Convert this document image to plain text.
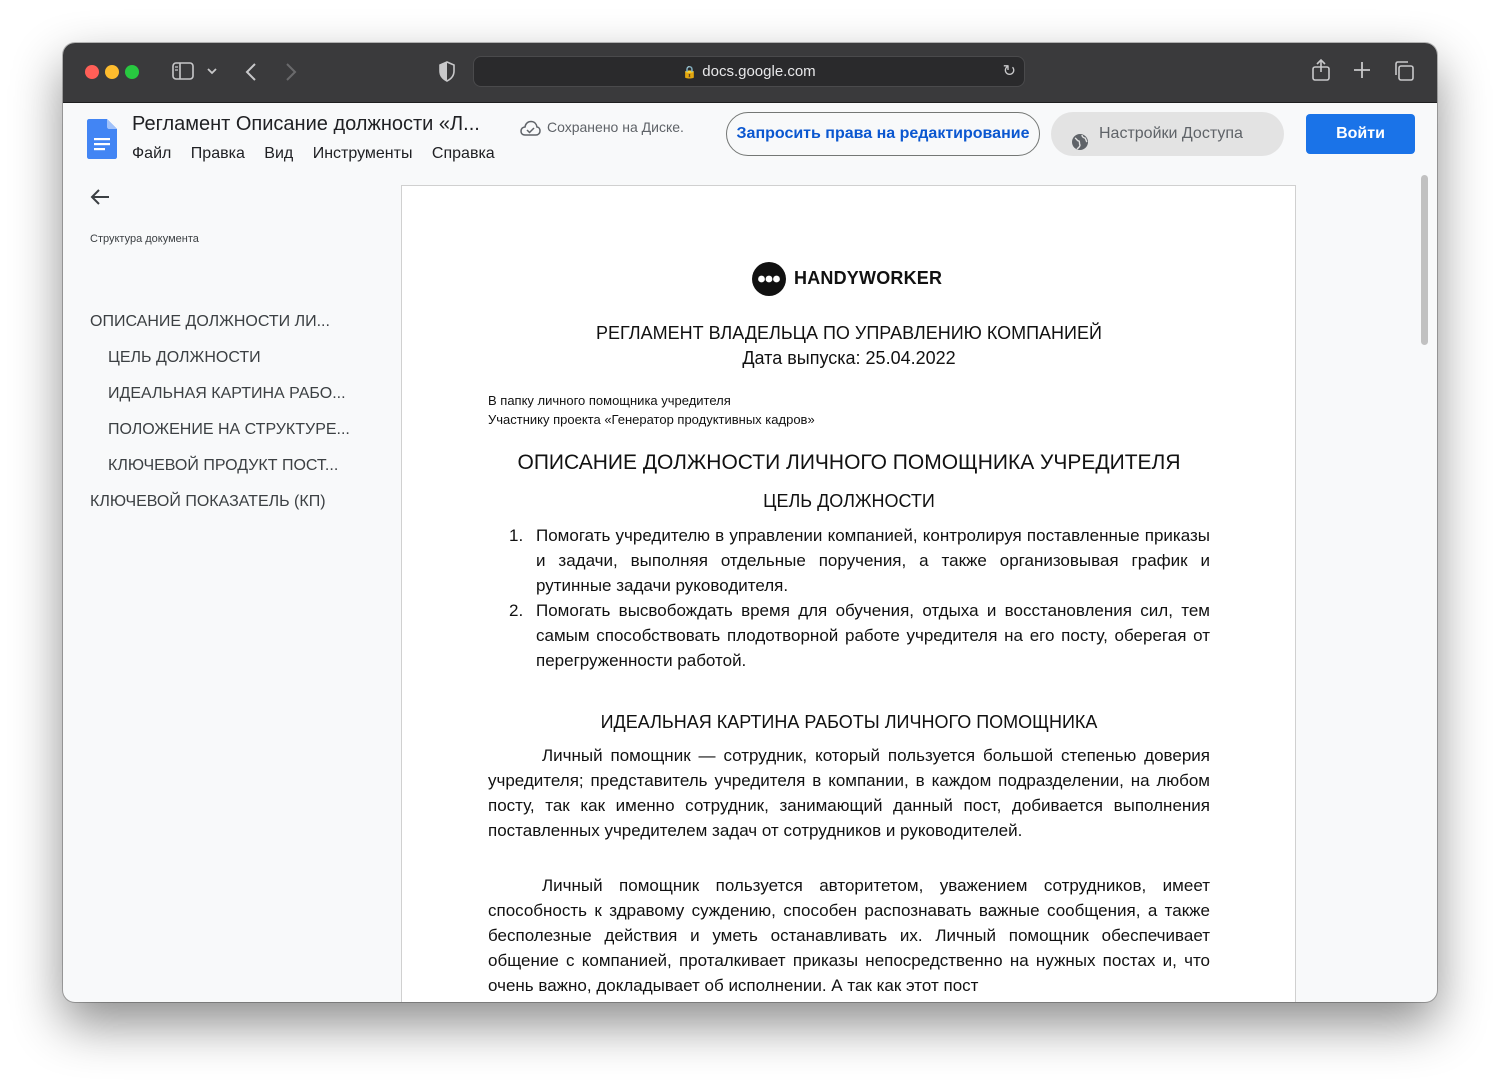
🔒 docs.google.com	↻
Регламент Описание должности «Л...
Файл Правка Вид Инструменты Справка
Сохранено на Диске.	Запросить права на редактирование	Настройки Доступа	Войти
Структура документа
ОПИСАНИЕ ДОЛЖНОСТИ ЛИ...
ЦЕЛЬ ДОЛЖНОСТИ
ИДЕАЛЬНАЯ КАРТИНА РАБО...
ПОЛОЖЕНИЕ НА СТРУКТУРЕ...
КЛЮЧЕВОЙ ПРОДУКТ ПОСТ...
КЛЮЧЕВОЙ ПОКАЗАТЕЛЬ (КП)
HANDYWORKER
РЕГЛАМЕНТ ВЛАДЕЛЬЦА ПО УПРАВЛЕНИЮ КОМПАНИЕЙ
Дата выпуска: 25.04.2022
В папку личного помощника учредителя
Участнику проекта «Генератор продуктивных кадров»
ОПИСАНИЕ ДОЛЖНОСТИ ЛИЧНОГО ПОМОЩНИКА УЧРЕДИТЕЛЯ
ЦЕЛЬ ДОЛЖНОСТИ
1. Помогать учредителю в управлении компанией, контролируя поставленные приказы и задачи, выполняя отдельные поручения, а также организовывая график и рутинные задачи руководителя.
2. Помогать высвобождать время для обучения, отдыха и восстановления сил, тем самым способствовать плодотворной работе учредителя на его посту, оберегая от перегруженности работой.
ИДЕАЛЬНАЯ КАРТИНА РАБОТЫ ЛИЧНОГО ПОМОЩНИКА
Личный помощник — сотрудник, который пользуется большой степенью доверия учредителя; представитель учредителя в компании, в каждом подразделении, на любом посту, так как именно сотрудник, занимающий данный пост, добивается выполнения поставленных учредителем задач от сотрудников и руководителей.
Личный помощник пользуется авторитетом, уважением сотрудников, имеет способность к здравому суждению, способен распознавать важные сообщения, а также бесполезные действия и уметь останавливать их. Личный помощник обеспечивает общение с компанией, проталкивает приказы непосредственно на нужных постах и, что очень важно, докладывает об исполнении. А так как этот пост
